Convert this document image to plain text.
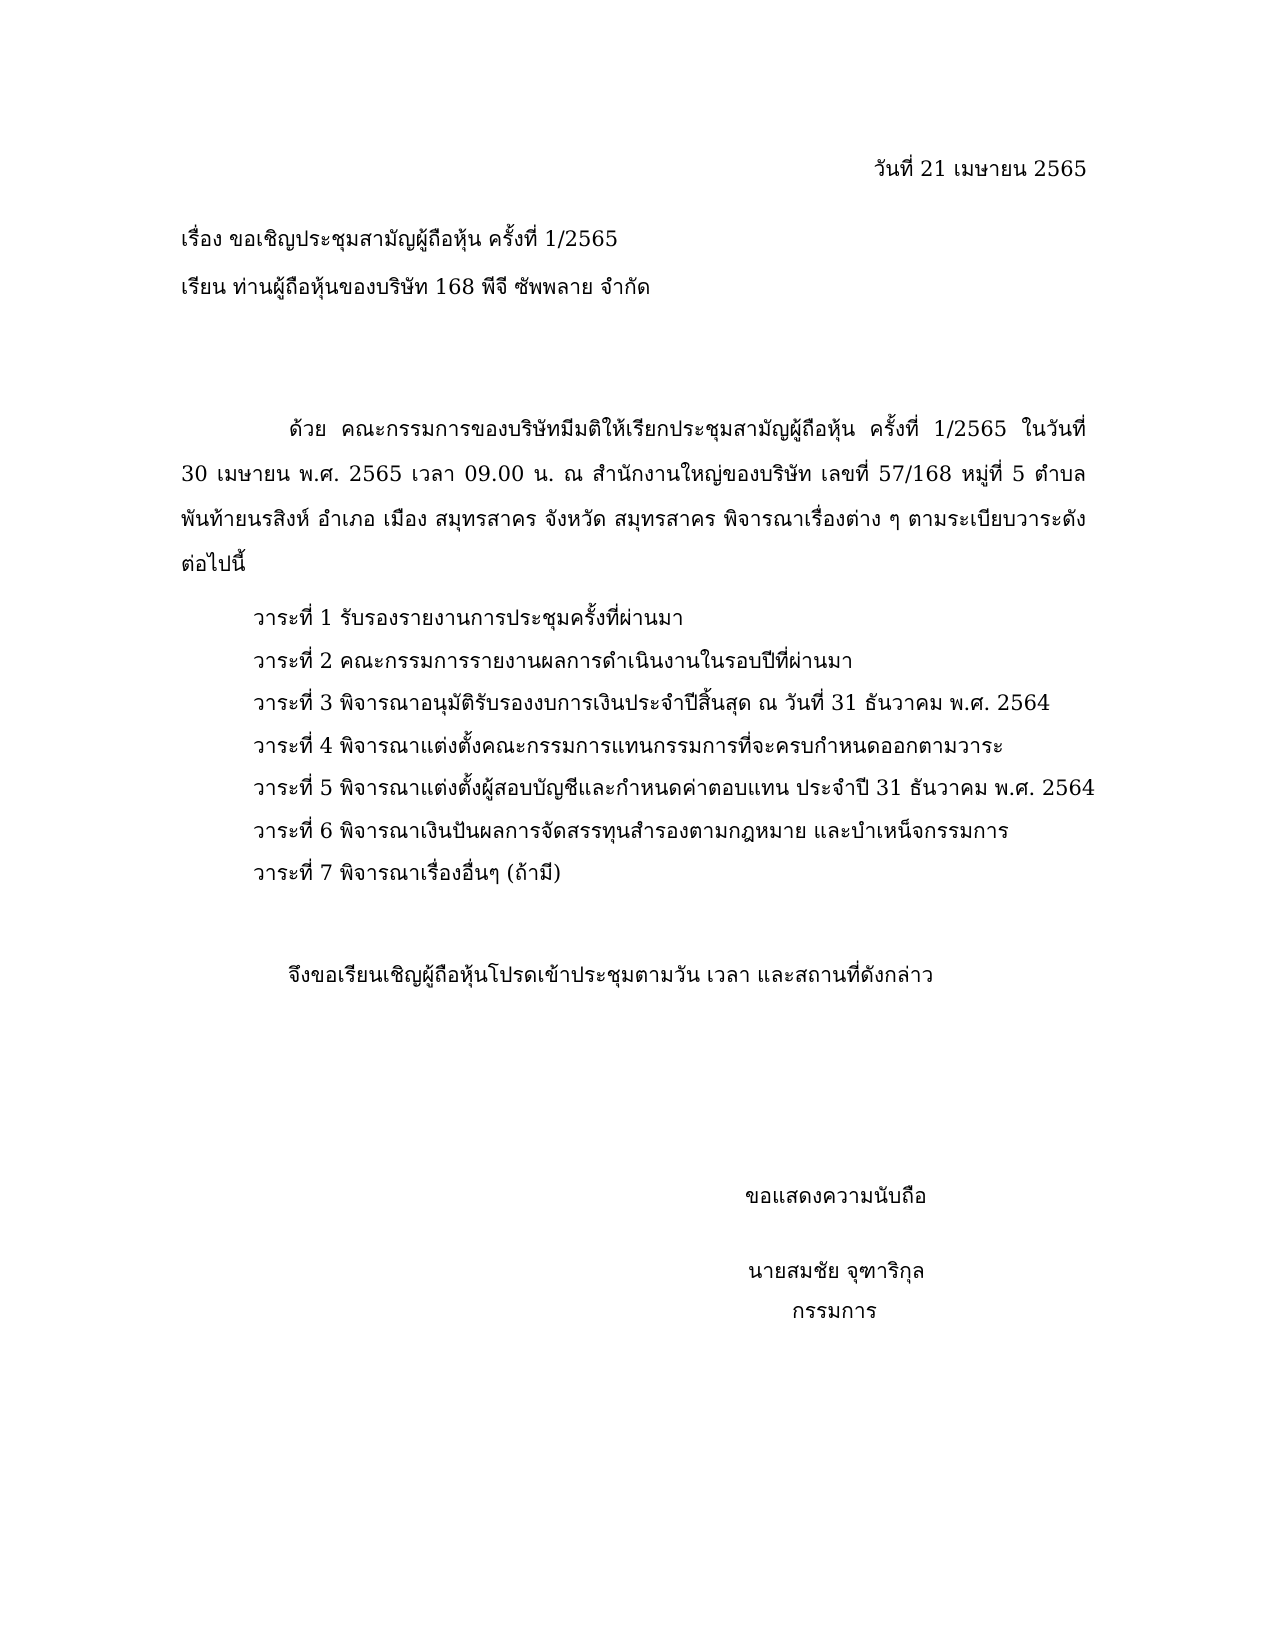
วันที่ 21 เมษายน 2565
เรื่อง ขอเชิญประชุมสามัญผู้ถือหุ้น ครั้งที่ 1/2565
เรียน ท่านผู้ถือหุ้นของบริษัท 168 พีจี ซัพพลาย จำกัด

ด้วย คณะกรรมการของบริษัทมีมติให้เรียกประชุมสามัญผู้ถือหุ้น ครั้งที่ 1/2565 ในวันที่ 30 เมษายน พ.ศ. 2565 เวลา 09.00 น. ณ สำนักงานใหญ่ของบริษัท เลขที่ 57/168 หมู่ที่ 5 ตำบล พันท้ายนรสิงห์ อำเภอ เมือง สมุทรสาคร จังหวัด สมุทรสาคร พิจารณาเรื่องต่าง ๆ ตามระเบียบวาระดังต่อไปนี้

วาระที่ 1 รับรองรายงานการประชุมครั้งที่ผ่านมา
วาระที่ 2 คณะกรรมการรายงานผลการดำเนินงานในรอบปีที่ผ่านมา
วาระที่ 3 พิจารณาอนุมัติรับรองงบการเงินประจำปีสิ้นสุด ณ วันที่ 31 ธันวาคม พ.ศ. 2564
วาระที่ 4 พิจารณาแต่งตั้งคณะกรรมการแทนกรรมการที่จะครบกำหนดออกตามวาระ
วาระที่ 5 พิจารณาแต่งตั้งผู้สอบบัญชีและกำหนดค่าตอบแทน ประจำปี 31 ธันวาคม พ.ศ. 2564
วาระที่ 6 พิจารณาเงินปันผลการจัดสรรทุนสำรองตามกฎหมาย และบำเหน็จกรรมการ
วาระที่ 7 พิจารณาเรื่องอื่นๆ (ถ้ามี)
จึงขอเรียนเชิญผู้ถือหุ้นโปรดเข้าประชุมตามวัน เวลา และสถานที่ดังกล่าว
ขอแสดงความนับถือ
นายสมชัย จุฑาริกุล
กรรมการ
